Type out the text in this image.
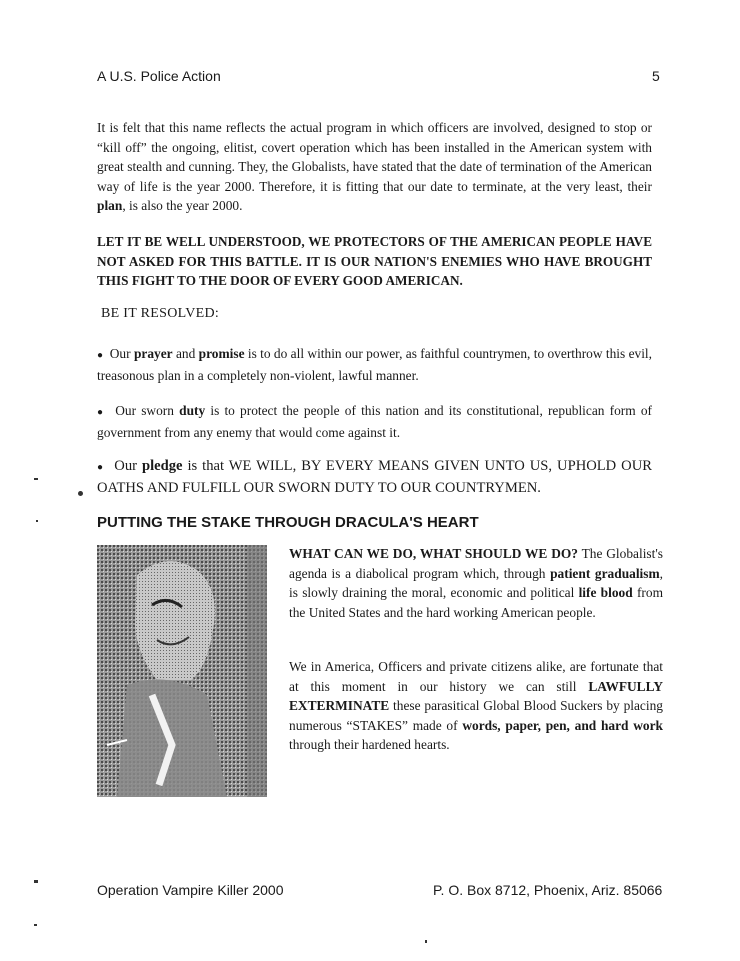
A U.S. Police Action	5
It is felt that this name reflects the actual program in which officers are involved, designed to stop or “kill off” the ongoing, elitist, covert operation which has been installed in the American system with great stealth and cunning. They, the Globalists, have stated that the date of termination of the American way of life is the year 2000. Therefore, it is fitting that our date to terminate, at the very least, their plan, is also the year 2000.
LET IT BE WELL UNDERSTOOD, WE PROTECTORS OF THE AMERICAN PEOPLE HAVE NOT ASKED FOR THIS BATTLE. IT IS OUR NATION'S ENEMIES WHO HAVE BROUGHT THIS FIGHT TO THE DOOR OF EVERY GOOD AMERICAN.
BE IT RESOLVED:
● Our prayer and promise is to do all within our power, as faithful countrymen, to overthrow this evil, treasonous plan in a completely non-violent, lawful manner.
● Our sworn duty is to protect the people of this nation and its constitutional, republican form of government from any enemy that would come against it.
● Our pledge is that WE WILL, BY EVERY MEANS GIVEN UNTO US, UPHOLD OUR OATHS AND FULFILL OUR SWORN DUTY TO OUR COUNTRYMEN.
PUTTING THE STAKE THROUGH DRACULA'S HEART
WHAT CAN WE DO, WHAT SHOULD WE DO? The Globalist's agenda is a diabolical program which, through patient gradualism, is slowly draining the moral, economic and political life blood from the United States and the hard working American people.
We in America, Officers and private citizens alike, are fortunate that at this moment in our history we can still LAWFULLY EXTERMINATE these parasitical Global Blood Suckers by placing numerous “STAKES” made of words, paper, pen, and hard work through their hardened hearts.
Operation Vampire Killer 2000	P. O. Box 8712, Phoenix, Ariz. 85066
